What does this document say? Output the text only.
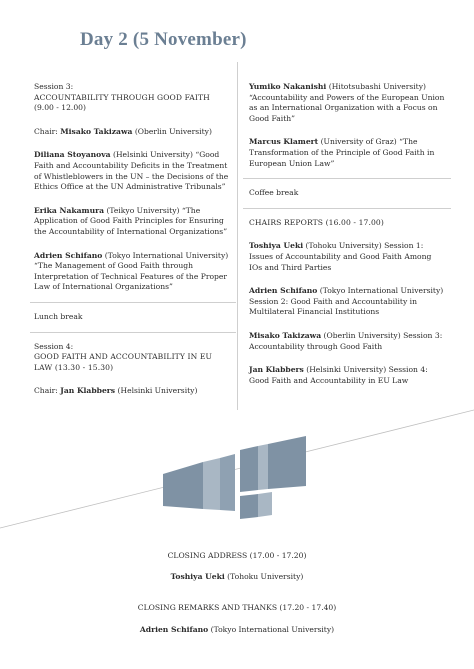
Day 2 (5 November)

Session 3:

ACCOUNTABILITY THROUGH GOOD FAITH

(9.00 - 12.00)

Chair: Misako Takizawa (Oberlin University)

Diliana Stoyanova (Helsinki University) “Good Faith and Accountability Deficits in the Treatment of Whistleblowers in the UN – the Decisions of the Ethics Office at the UN Administrative Tribunals”

Erika Nakamura (Teikyo University) “The Application of Good Faith Principles for Ensuring the Accountability of International Organizations”

Adrien Schifano (Tokyo International University) “The Management of Good Faith through Interpretation of Technical Features of the Proper Law of International Organizations”

Lunch break

Session 4:

GOOD FAITH AND ACCOUNTABILITY IN EU LAW (13.30 - 15.30)

Chair: Jan Klabbers (Helsinki University)

Yumiko Nakanishi (Hitotsubashi University) “Accountability and Powers of the European Union as an International Organization with a Focus on Good Faith”

Marcus Klamert (University of Graz) “The Transformation of the Principle of Good Faith in European Union Law”

Coffee break

CHAIRS REPORTS (16.00 - 17.00)

Toshiya Ueki (Tohoku University) Session 1: Issues of Accountability and Good Faith Among IOs and Third Parties

Adrien Schifano (Tokyo International University) Session 2: Good Faith and Accountability in Multilateral Financial Institutions

Misako Takizawa (Oberlin University) Session 3: Accountability through Good Faith

Jan Klabbers (Helsinki University) Session 4: Good Faith and Accountability in EU Law

CLOSING ADDRESS (17.00 - 17.20)
Toshiya Ueki (Tohoku University)
CLOSING REMARKS AND THANKS (17.20 - 17.40)
Adrien Schifano (Tokyo International University)
